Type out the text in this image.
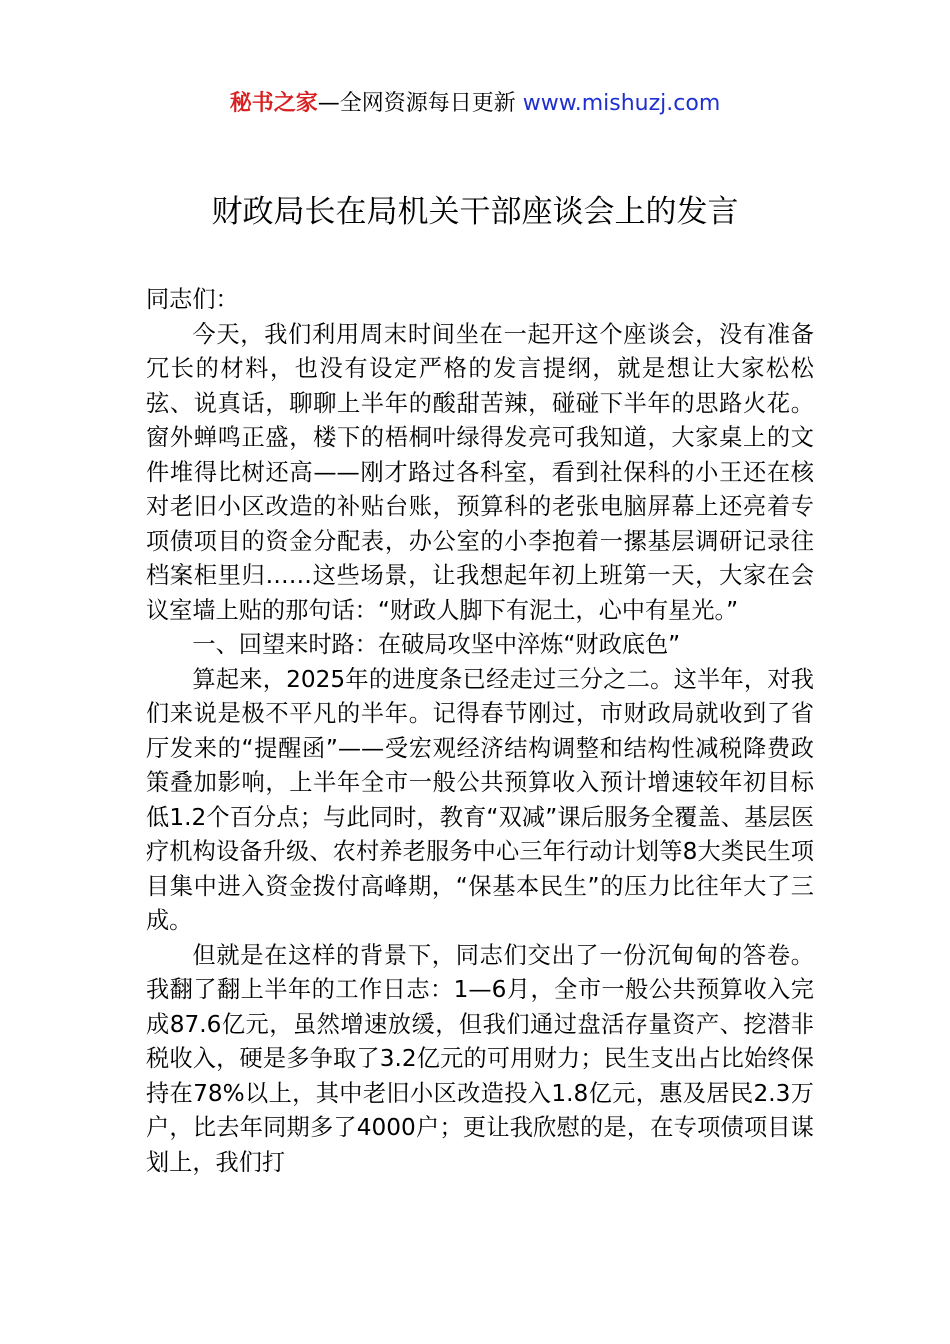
秘书之家—全网资源每日更新 www.mishuzj.com
财政局长在局机关干部座谈会上的发言

同志们：

今天，我们利用周末时间坐在一起开这个座谈会，没有准备冗长的材料，也没有设定严格的发言提纲，就是想让大家松松弦、说真话，聊聊上半年的酸甜苦辣，碰碰下半年的思路火花。窗外蝉鸣正盛，楼下的梧桐叶绿得发亮可我知道，大家桌上的文件堆得比树还高——刚才路过各科室，看到社保科的小王还在核对老旧小区改造的补贴台账，预算科的老张电脑屏幕上还亮着专项债项目的资金分配表，办公室的小李抱着一摞基层调研记录往档案柜里归……这些场景，让我想起年初上班第一天，大家在会议室墙上贴的那句话：“财政人脚下有泥土，心中有星光。”

一、回望来时路：在破局攻坚中淬炼“财政底色”

算起来，2025年的进度条已经走过三分之二。这半年，对我们来说是极不平凡的半年。记得春节刚过，市财政局就收到了省厅发来的“提醒函”——受宏观经济结构调整和结构性减税降费政策叠加影响，上半年全市一般公共预算收入预计增速较年初目标低1.2个百分点；与此同时，教育“双减”课后服务全覆盖、基层医疗机构设备升级、农村养老服务中心三年行动计划等8大类民生项目集中进入资金拨付高峰期，“保基本民生”的压力比往年大了三成。

但就是在这样的背景下，同志们交出了一份沉甸甸的答卷。我翻了翻上半年的工作日志：1—6月，全市一般公共预算收入完成87.6亿元，虽然增速放缓，但我们通过盘活存量资产、挖潜非税收入，硬是多争取了3.2亿元的可用财力；民生支出占比始终保持在78%以上，其中老旧小区改造投入1.8亿元，惠及居民2.3万户，比去年同期多了4000户；更让我欣慰的是，在专项债项目谋划上，我们打
